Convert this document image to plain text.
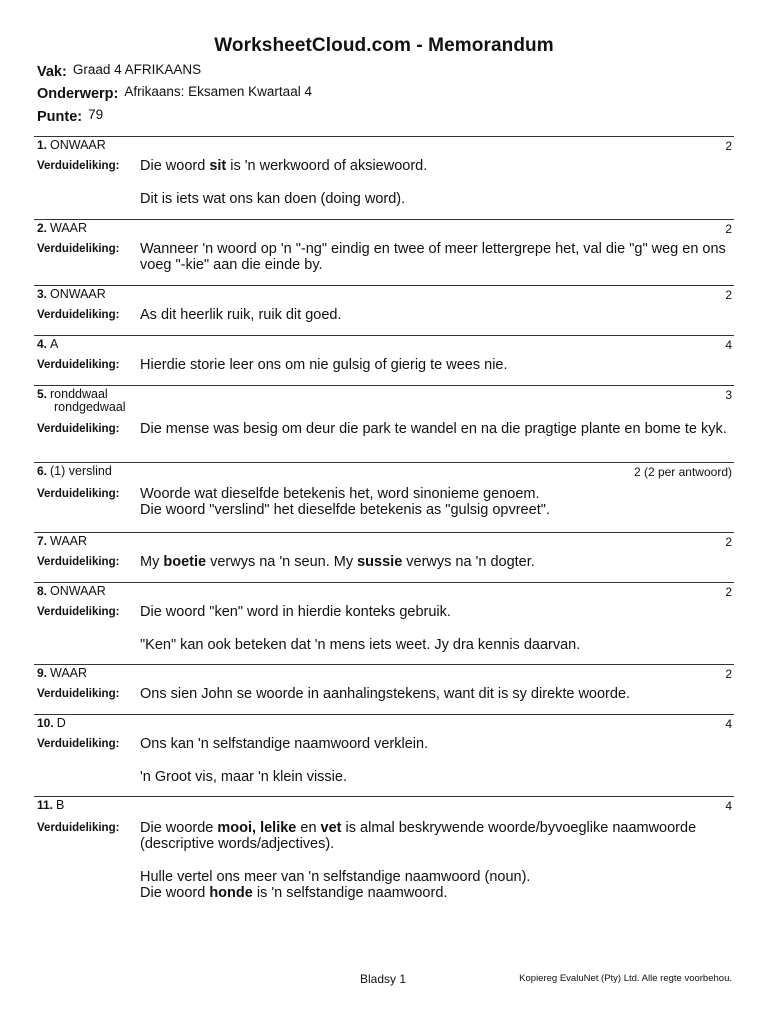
WorksheetCloud.com - Memorandum
Vak: Graad 4 AFRIKAANS
Onderwerp: Afrikaans: Eksamen Kwartaal 4
Punte: 79
1. ONWAAR	2
Verduideliking: Die woord sit is 'n werkwoord of aksiewoord.

Dit is iets wat ons kan doen (doing word).

2. WAAR	2
Verduideliking: Wanneer 'n woord op 'n "-ng" eindig en twee of meer lettergrepe het, val die "g" weg en ons voeg "-kie" aan die einde by.

3. ONWAAR	2
Verduideliking: As dit heerlik ruik, ruik dit goed.

4. A	4
Verduideliking: Hierdie storie leer ons om nie gulsig of gierig te wees nie.

5. ronddwaal
rondgedwaal
3
Verduideliking: Die mense was besig om deur die park te wandel en na die pragtige plante en bome te kyk.

6. (1) verslind	2 (2 per antwoord)
Verduideliking: Woorde wat dieselfde betekenis het, word sinonieme genoem.
Die woord "verslind" het dieselfde betekenis as "gulsig opvreet".

7. WAAR	2
Verduideliking: My boetie verwys na 'n seun. My sussie verwys na 'n dogter.

8. ONWAAR	2
Verduideliking: Die woord "ken" word in hierdie konteks gebruik.

"Ken" kan ook beteken dat 'n mens iets weet. Jy dra kennis daarvan.

9. WAAR	2
Verduideliking: Ons sien John se woorde in aanhalingstekens, want dit is sy direkte woorde.

10. D	4
Verduideliking: Ons kan 'n selfstandige naamwoord verklein.

'n Groot vis, maar 'n klein vissie.

11. B	4
Verduideliking: Die woorde mooi, lelike en vet is almal beskrywende woorde/byvoeglike naamwoorde (descriptive words/adjectives).

Hulle vertel ons meer van 'n selfstandige naamwoord (noun).
Die woord honde is 'n selfstandige naamwoord.

Bladsy 1	Kopiereg EvaluNet (Pty) Ltd. Alle regte voorbehou.
